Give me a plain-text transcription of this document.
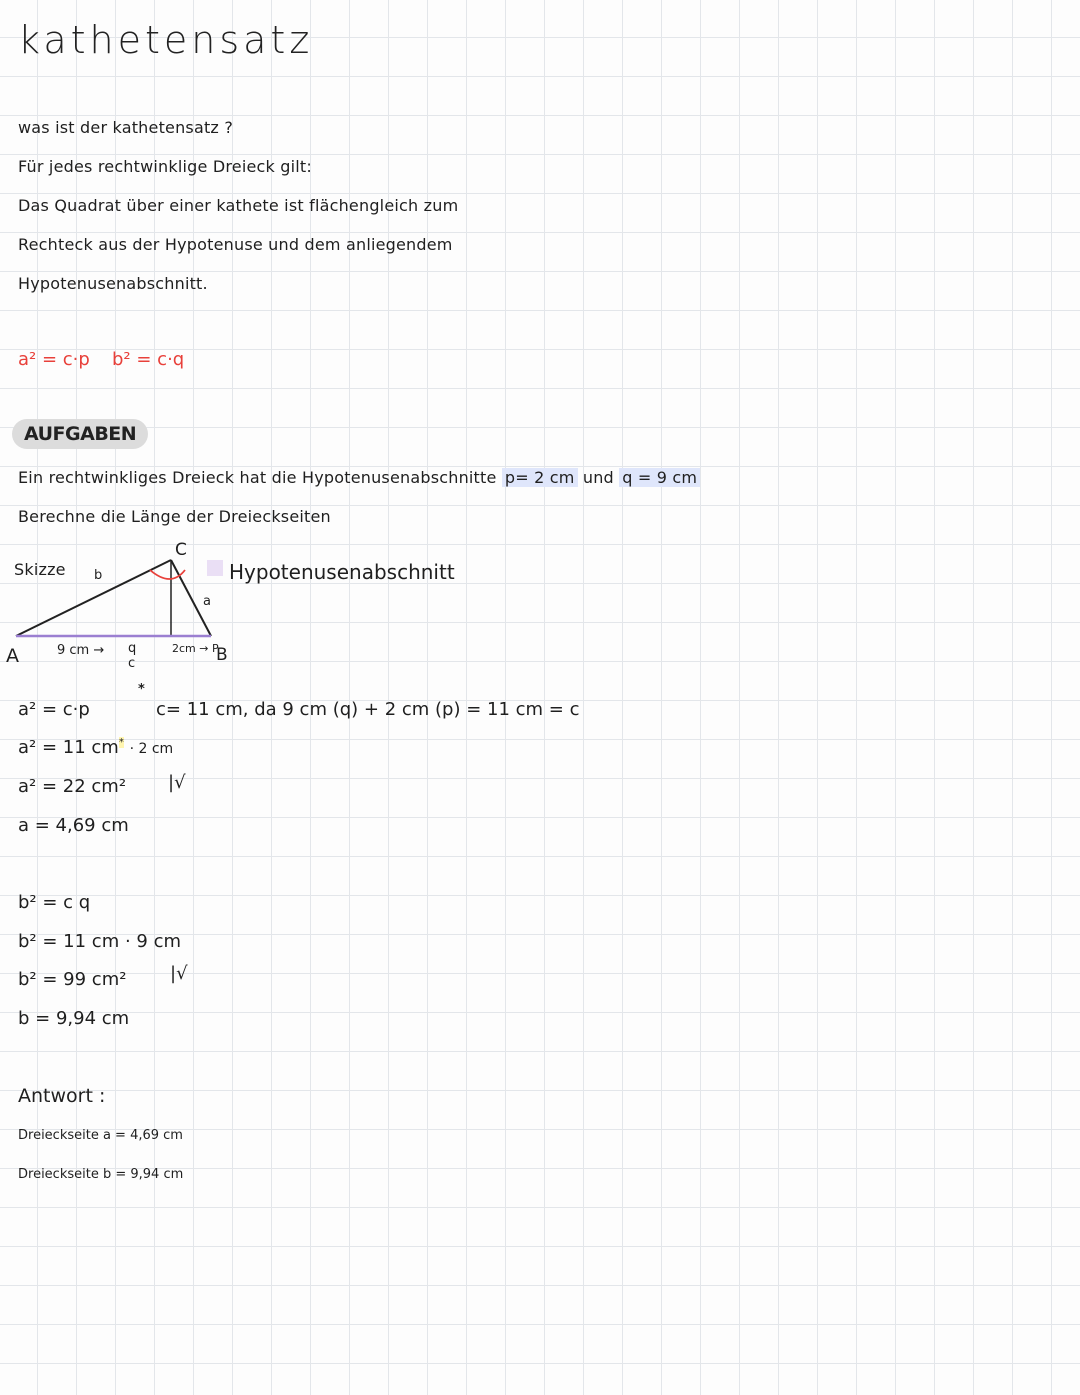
kathetensatz
was ist der kathetensatz ?
Für jedes rechtwinklige Dreieck gilt:
Das Quadrat über einer kathete ist flächengleich zum
Rechteck aus der Hypotenuse und dem anliegendem
Hypotenusenabschnitt.
a² = c·p b² = c·q
AUFGABEN
Ein rechtwinkliges Dreieck hat die Hypotenusenabschnitte p= 2 cm und q = 9 cm
Berechne die Länge der Dreieckseiten
Skizze	Hypotenusenabschnitt
C
A	B
b
a
9 cm → q
c
2cm → P
*
c= 11 cm, da 9 cm (q) + 2 cm (p) = 11 cm = c
a² = c·p
a² = 11 cm* · 2 cm
a² = 22 cm² |√
a = 4,69 cm
b² = c q
b² = 11 cm · 9 cm
b² = 99 cm² |√
b = 9,94 cm
Antwort :
Dreieckseite a = 4,69 cm
Dreieckseite b = 9,94 cm
